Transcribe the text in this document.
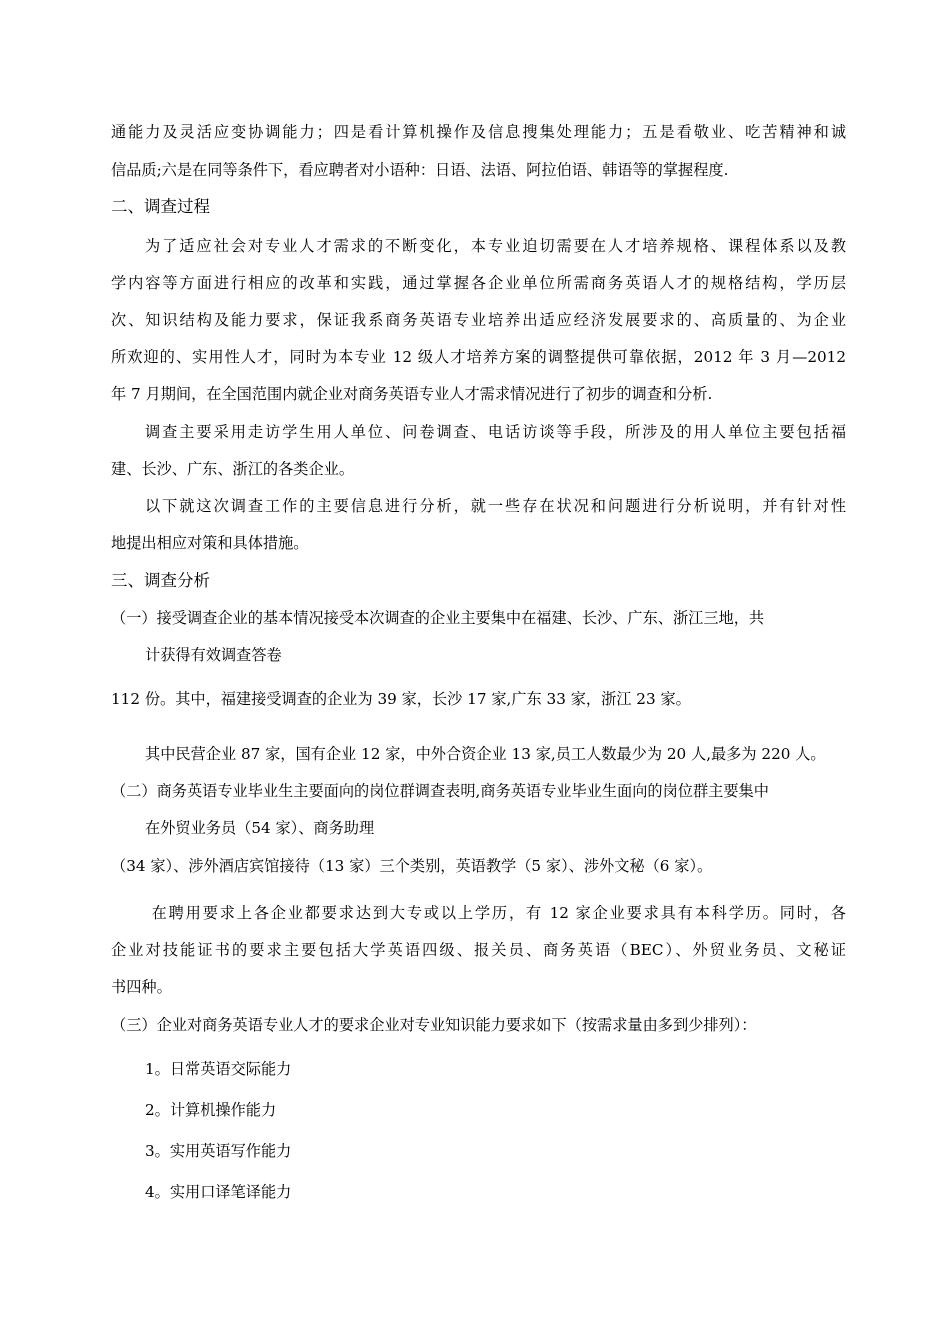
通能力及灵活应变协调能力；四是看计算机操作及信息搜集处理能力；五是看敬业、吃苦精神和诚
信品质;六是在同等条件下，看应聘者对小语种：日语、法语、阿拉伯语、韩语等的掌握程度.
二、调查过程
为了适应社会对专业人才需求的不断变化，本专业迫切需要在人才培养规格、课程体系以及教
学内容等方面进行相应的改革和实践，通过掌握各企业单位所需商务英语人才的规格结构，学历层
次、知识结构及能力要求，保证我系商务英语专业培养出适应经济发展要求的、高质量的、为企业
所欢迎的、实用性人才，同时为本专业 12 级人才培养方案的调整提供可靠依据，2012 年 3 月—2012
年 7 月期间，在全国范围内就企业对商务英语专业人才需求情况进行了初步的调查和分析.
调查主要采用走访学生用人单位、问卷调查、电话访谈等手段，所涉及的用人单位主要包括福
建、长沙、广东、浙江的各类企业。
以下就这次调查工作的主要信息进行分析，就一些存在状况和问题进行分析说明，并有针对性
地提出相应对策和具体措施。
三、调查分析
（一）接受调查企业的基本情况接受本次调查的企业主要集中在福建、长沙、广东、浙江三地，共
计获得有效调查答卷
112 份。其中，福建接受调查的企业为 39 家，长沙 17 家,广东 33 家，浙江 23 家。
其中民营企业 87 家，国有企业 12 家，中外合资企业 13 家,员工人数最少为 20 人,最多为 220 人。
（二）商务英语专业毕业生主要面向的岗位群调查表明,商务英语专业毕业生面向的岗位群主要集中
在外贸业务员（54 家）、商务助理
（34 家）、涉外酒店宾馆接待（13 家）三个类别，英语教学（5 家）、涉外文秘（6 家）。
在聘用要求上各企业都要求达到大专或以上学历，有 12 家企业要求具有本科学历。同时，各
企业对技能证书的要求主要包括大学英语四级、报关员、商务英语（BEC）、外贸业务员、文秘证
书四种。
（三）企业对商务英语专业人才的要求企业对专业知识能力要求如下（按需求量由多到少排列）：
1。日常英语交际能力
2。计算机操作能力
3。实用英语写作能力
4。实用口译笔译能力
